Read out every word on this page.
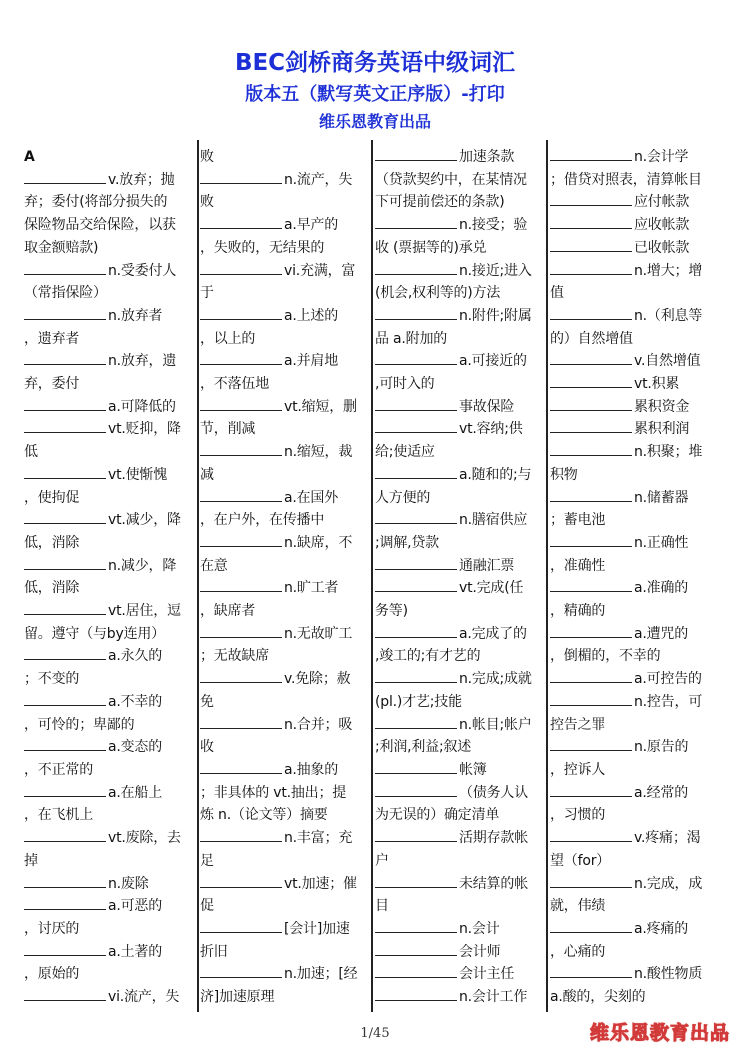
BEC剑桥商务英语中级词汇
版本五（默写英文正序版）-打印
维乐恩教育出品
A
v.放弃；抛
弃；委付(将部分损失的
保险物品交给保险，以获
取金额赔款)
n.受委付人
（常指保险）
n.放弃者
，遗弃者
n.放弃，遗
弃，委付
a.可降低的
vt.贬抑，降
低
vt.使惭愧
，使拘促
vt.减少，降
低，消除
n.减少，降
低，消除
vt.居住，逗
留。遵守（与by连用）
a.永久的
；不变的
a.不幸的
，可怜的；卑鄙的
a.变态的
，不正常的
a.在船上
，在飞机上
vt.废除，去
掉
n.废除
a.可恶的
，讨厌的
a.土著的
，原始的
vi.流产，失
败
n.流产，失
败
a.早产的
，失败的，无结果的
vi.充满，富
于
a.上述的
，以上的
a.并肩地
，不落伍地
vt.缩短，删
节，削减
n.缩短，裁
减
a.在国外
，在户外，在传播中
n.缺席，不
在意
n.旷工者
，缺席者
n.无故旷工
；无故缺席
v.免除；赦
免
n.合并；吸
收
a.抽象的
；非具体的 vt.抽出；提
炼 n.（论文等）摘要
n.丰富；充
足
vt.加速；催
促
[会计]加速
折旧
n.加速；[经
济]加速原理
加速条款
（贷款契约中，在某情况
下可提前偿还的条款)
n.接受；验
收 (票据等的)承兑
n.接近;进入
(机会,权利等的)方法
n.附件;附属
品 a.附加的
a.可接近的
,可时入的
事故保险
vt.容纳;供
给;使适应
a.随和的;与
人方便的
n.膳宿供应
;调解,贷款
通融汇票
vt.完成(任
务等)
a.完成了的
,竣工的;有才艺的
n.完成;成就
(pl.)才艺;技能
n.帐目;帐户
;利润,利益;叙述
帐簿
（债务人认
为无误的）确定清单
活期存款帐
户
未结算的帐
目
n.会计
会计师
会计主任
n.会计工作
n.会计学
；借贷对照表，清算帐目
应付帐款
应收帐款
已收帐款
n.增大；增
值
n.（利息等
的）自然增值
v.自然增值
vt.积累
累积资金
累积利润
n.积聚；堆
积物
n.储蓄器
；蓄电池
n.正确性
，准确性
a.准确的
，精确的
a.遭咒的
，倒楣的，不幸的
a.可控告的
n.控告，可
控告之罪
n.原告的
，控诉人
a.经常的
，习惯的
v.疼痛；渴
望（for）
n.完成，成
就，伟绩
a.疼痛的
，心痛的
n.酸性物质
a.酸的，尖刻的
1/45	维乐恩教育出品
